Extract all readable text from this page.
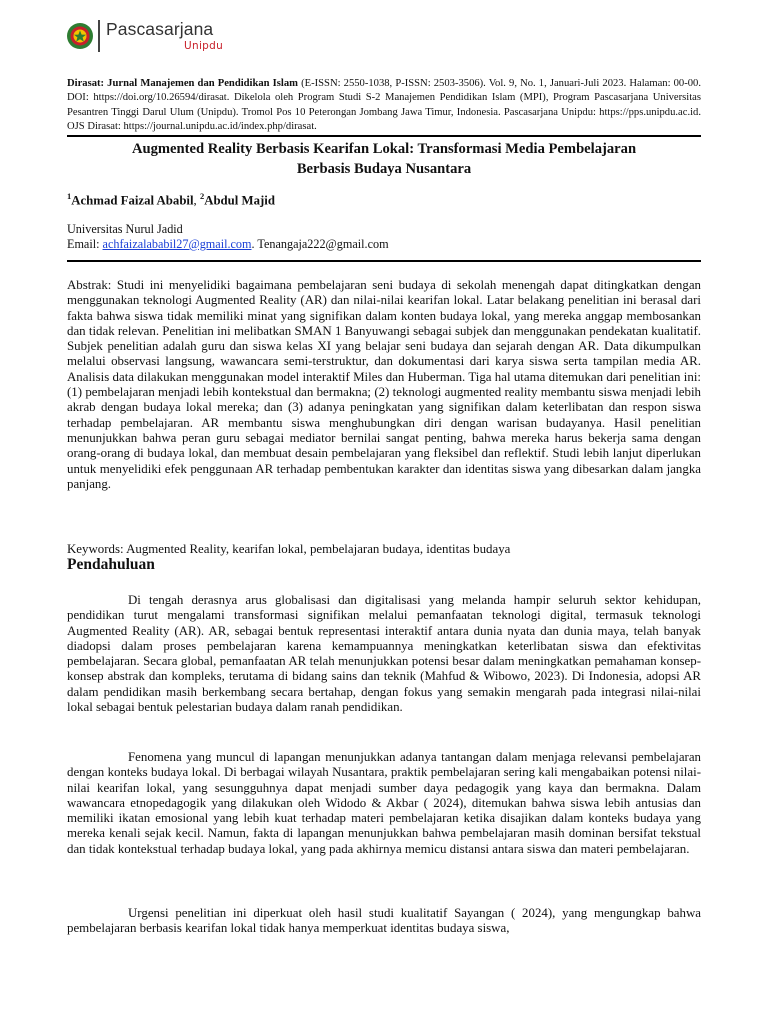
Pascasarjana
Unipdu
Dirasat: Jurnal Manajemen dan Pendidikan Islam (E-ISSN: 2550-1038, P-ISSN: 2503-3506). Vol. 9, No. 1, Januari-Juli 2023. Halaman: 00-00. DOI: https://doi.org/10.26594/dirasat. Dikelola oleh Program Studi S-2 Manajemen Pendidikan Islam (MPI), Program Pascasarjana Universitas Pesantren Tinggi Darul Ulum (Unipdu). Tromol Pos 10 Peterongan Jombang Jawa Timur, Indonesia. Pascasarjana Unipdu: https://pps.unipdu.ac.id. OJS Dirasat: https://journal.unipdu.ac.id/index.php/dirasat.
Augmented Reality Berbasis Kearifan Lokal: Transformasi Media Pembelajaran
Berbasis Budaya Nusantara
$^1$Achmad Faizal Ababil, $^2$Abdul Majid
Universitas Nurul Jadid
Email: achfaizalababil27@gmail.com. Tenangaja222@gmail.com
Abstrak: Studi ini menyelidiki bagaimana pembelajaran seni budaya di sekolah menengah dapat ditingkatkan dengan menggunakan teknologi Augmented Reality (AR) dan nilai-nilai kearifan lokal. Latar belakang penelitian ini berasal dari fakta bahwa siswa tidak memiliki minat yang signifikan dalam konten budaya lokal, yang mereka anggap membosankan dan tidak relevan. Penelitian ini melibatkan SMAN 1 Banyuwangi sebagai subjek dan menggunakan pendekatan kualitatif. Subjek penelitian adalah guru dan siswa kelas XI yang belajar seni budaya dan sejarah dengan AR. Data dikumpulkan melalui observasi langsung, wawancara semi-terstruktur, dan dokumentasi dari karya siswa serta tampilan media AR. Analisis data dilakukan menggunakan model interaktif Miles dan Huberman. Tiga hal utama ditemukan dari penelitian ini: (1) pembelajaran menjadi lebih kontekstual dan bermakna; (2) teknologi augmented reality membantu siswa menjadi lebih akrab dengan budaya lokal mereka; dan (3) adanya peningkatan yang signifikan dalam keterlibatan dan respon siswa terhadap pembelajaran. AR membantu siswa menghubungkan diri dengan warisan budayanya. Hasil penelitian menunjukkan bahwa peran guru sebagai mediator bernilai sangat penting, bahwa mereka harus bekerja sama dengan orang-orang di budaya lokal, dan membuat desain pembelajaran yang fleksibel dan reflektif. Studi lebih lanjut diperlukan untuk menyelidiki efek penggunaan AR terhadap pembentukan karakter dan identitas siswa yang dibesarkan dalam jangka panjang.
Keywords: Augmented Reality, kearifan lokal, pembelajaran budaya, identitas budaya
Pendahuluan
Di tengah derasnya arus globalisasi dan digitalisasi yang melanda hampir seluruh sektor kehidupan, pendidikan turut mengalami transformasi signifikan melalui pemanfaatan teknologi digital, termasuk teknologi Augmented Reality (AR). AR, sebagai bentuk representasi interaktif antara dunia nyata dan dunia maya, telah banyak diadopsi dalam proses pembelajaran karena kemampuannya meningkatkan keterlibatan siswa dan efektivitas pembelajaran. Secara global, pemanfaatan AR telah menunjukkan potensi besar dalam meningkatkan pemahaman konsep-konsep abstrak dan kompleks, terutama di bidang sains dan teknik (Mahfud & Wibowo, 2023). Di Indonesia, adopsi AR dalam pendidikan masih berkembang secara bertahap, dengan fokus yang semakin mengarah pada integrasi nilai-nilai lokal sebagai bentuk pelestarian budaya dalam ranah pendidikan.
Fenomena yang muncul di lapangan menunjukkan adanya tantangan dalam menjaga relevansi pembelajaran dengan konteks budaya lokal. Di berbagai wilayah Nusantara, praktik pembelajaran sering kali mengabaikan potensi nilai-nilai kearifan lokal, yang sesungguhnya dapat menjadi sumber daya pedagogik yang kaya dan bermakna. Dalam wawancara etnopedagogik yang dilakukan oleh Widodo & Akbar ( 2024), ditemukan bahwa siswa lebih antusias dan memiliki ikatan emosional yang lebih kuat terhadap materi pembelajaran ketika disajikan dalam konteks budaya yang mereka kenali sejak kecil. Namun, fakta di lapangan menunjukkan bahwa pembelajaran masih dominan bersifat tekstual dan tidak kontekstual terhadap budaya lokal, yang pada akhirnya memicu distansi antara siswa dan materi pembelajaran.
Urgensi penelitian ini diperkuat oleh hasil studi kualitatif Sayangan ( 2024), yang mengungkap bahwa pembelajaran berbasis kearifan lokal tidak hanya memperkuat identitas budaya siswa,
